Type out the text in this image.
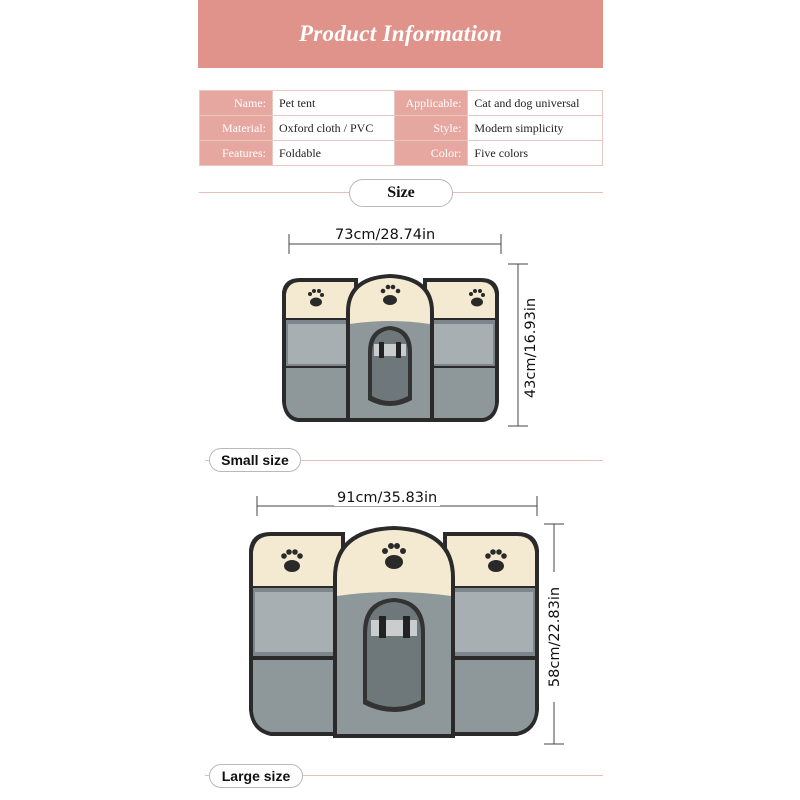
Product Information
Name:	Pet tent	Applicable:	Cat and dog universal
Material:	Oxford cloth / PVC	Style:	Modern simplicity
Features:	Foldable	Color:	Five colors
Size
73cm/28.74in
43cm/16.93in
Small size
91cm/35.83in
58cm/22.83in
Large size
